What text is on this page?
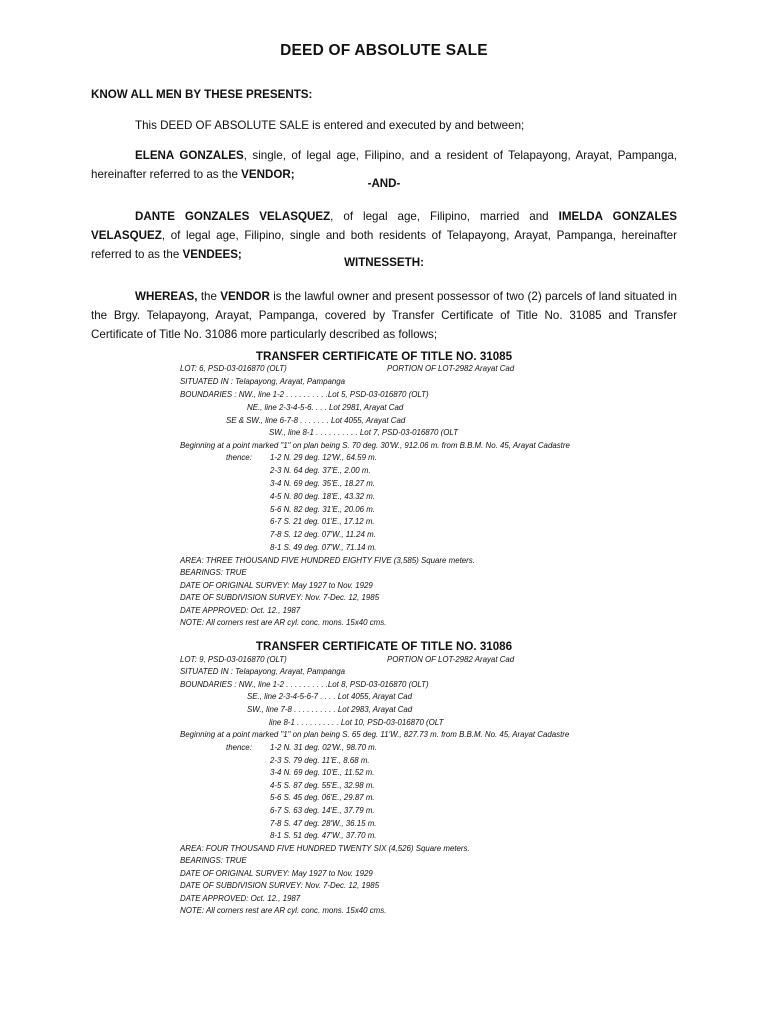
DEED OF ABSOLUTE SALE
KNOW ALL MEN BY THESE PRESENTS:
This DEED OF ABSOLUTE SALE is entered and executed by and between;
ELENA GONZALES, single, of legal age, Filipino, and a resident of Telapayong, Arayat, Pampanga, hereinafter referred to as the VENDOR;
-AND-
DANTE GONZALES VELASQUEZ, of legal age, Filipino, married and IMELDA GONZALES VELASQUEZ, of legal age, Filipino, single and both residents of Telapayong, Arayat, Pampanga, hereinafter referred to as the VENDEES;
WITNESSETH:
WHEREAS, the VENDOR is the lawful owner and present possessor of two (2) parcels of land situated in the Brgy. Telapayong, Arayat, Pampanga, covered by Transfer Certificate of Title No. 31085 and Transfer Certificate of Title No. 31086 more particularly described as follows;
TRANSFER CERTIFICATE OF TITLE NO. 31085
LOT: 6, PSD-03-016870 (OLT)	PORTION OF LOT-2982 Arayat Cad
SITUATED IN : Telapayong, Arayat, Pampanga
BOUNDARIES : NW., line 1-2 . . . . . . . . . .Lot 5, PSD-03-016870 (OLT)
NE., line 2-3-4-5-6. . . . Lot 2981, Arayat Cad
SE & SW., line 6-7-8 . . . . . . . Lot 4055, Arayat Cad
SW., line 8-1 . . . . . . . . . . Lot 7, PSD-03-016870 (OLT
Beginning at a point marked "1" on plan being S. 70 deg. 30'W., 912.06 m. from B.B.M. No. 45, Arayat Cadastre
thence: 1-2 N. 29 deg. 12'W., 64.59 m.
2-3 N. 64 deg. 37'E., 2.00 m.
3-4 N. 69 deg. 35'E., 18.27 m.
4-5 N. 80 deg. 18'E., 43.32 m.
5-6 N. 82 deg. 31'E., 20.06 m.
6-7 S. 21 deg. 01'E., 17.12 m.
7-8 S. 12 deg. 07'W., 11.24 m.
8-1 S. 49 deg. 07'W., 71.14 m.
AREA: THREE THOUSAND FIVE HUNDRED EIGHTY FIVE (3,585) Square meters.
BEARINGS: TRUE
DATE OF ORIGINAL SURVEY: May 1927 to Nov. 1929
DATE OF SUBDIVISION SURVEY: Nov. 7-Dec. 12, 1985
DATE APPROVED: Oct. 12., 1987
NOTE: All corners rest are AR cyl. conc. mons. 15x40 cms.
TRANSFER CERTIFICATE OF TITLE NO. 31086
LOT: 9, PSD-03-016870 (OLT)	PORTION OF LOT-2982 Arayat Cad
SITUATED IN : Telapayong, Arayat, Pampanga
BOUNDARIES : NW., line 1-2 . . . . . . . . . .Lot 8, PSD-03-016870 (OLT)
SE., line 2-3-4-5-6-7 . . . . Lot 4055, Arayat Cad
SW., line 7-8 . . . . . . . . . . Lot 2983, Arayat Cad
line 8-1 . . . . . . . . . . Lot 10, PSD-03-016870 (OLT
Beginning at a point marked "1" on plan being S. 65 deg. 11'W., 827.73 m. from B.B.M. No. 45, Arayat Cadastre
thence: 1-2 N. 31 deg. 02'W., 98.70 m.
2-3 S. 79 deg. 11'E., 8.68 m.
3-4 N. 69 deg. 10'E., 11.52 m.
4-5 S. 87 deg. 55'E., 32.98 m.
5-6 S. 45 deg. 06'E., 29.87 m.
6-7 S. 63 deg. 14'E., 37.79 m.
7-8 S. 47 deg. 28'W., 36.15 m.
8-1 S. 51 deg. 47'W., 37.70 m.
AREA: FOUR THOUSAND FIVE HUNDRED TWENTY SIX (4,526) Square meters.
BEARINGS: TRUE
DATE OF ORIGINAL SURVEY: May 1927 to Nov. 1929
DATE OF SUBDIVISION SURVEY: Nov. 7-Dec. 12, 1985
DATE APPROVED: Oct. 12., 1987
NOTE: All corners rest are AR cyl. conc. mons. 15x40 cms.
